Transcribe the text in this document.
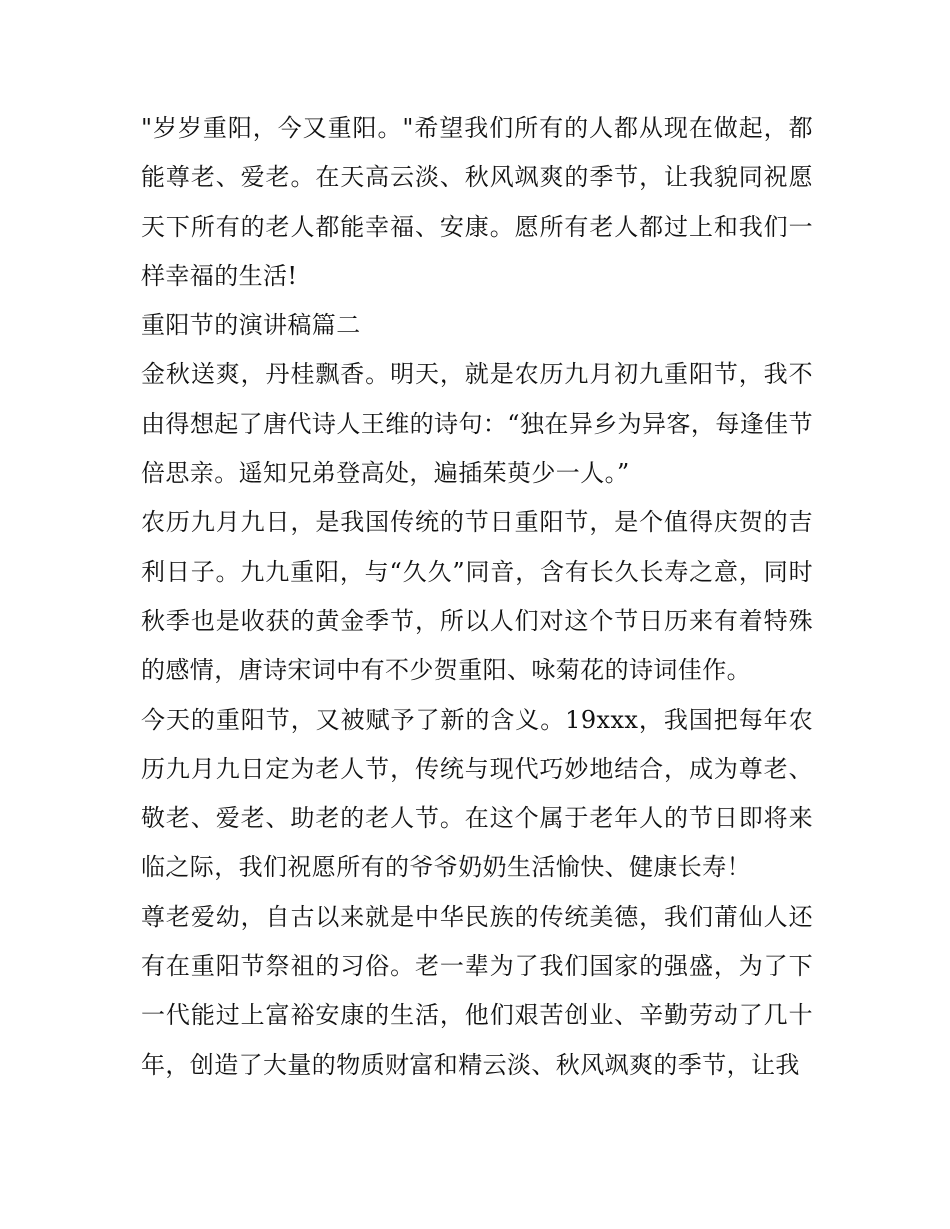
"岁岁重阳，今又重阳。"希望我们所有的人都从现在做起，都能尊老、爱老。在天高云淡、秋风飒爽的季节，让我貌同祝愿天下所有的老人都能幸福、安康。愿所有老人都过上和我们一样幸福的生活!

重阳节的演讲稿篇二

金秋送爽，丹桂飘香。明天，就是农历九月初九重阳节，我不由得想起了唐代诗人王维的诗句：“独在异乡为异客，每逢佳节倍思亲。遥知兄弟登高处，遍插茱萸少一人。”

农历九月九日，是我国传统的节日重阳节，是个值得庆贺的吉利日子。九九重阳，与“久久”同音，含有长久长寿之意，同时秋季也是收获的黄金季节，所以人们对这个节日历来有着特殊的感情，唐诗宋词中有不少贺重阳、咏菊花的诗词佳作。

今天的重阳节，又被赋予了新的含义。19xxx，我国把每年农历九月九日定为老人节，传统与现代巧妙地结合，成为尊老、敬老、爱老、助老的老人节。在这个属于老年人的节日即将来临之际，我们祝愿所有的爷爷奶奶生活愉快、健康长寿！

尊老爱幼，自古以来就是中华民族的传统美德，我们莆仙人还有在重阳节祭祖的习俗。老一辈为了我们国家的强盛，为了下一代能过上富裕安康的生活，他们艰苦创业、辛勤劳动了几十年，创造了大量的物质财富和精云淡、秋风飒爽的季节，让我
